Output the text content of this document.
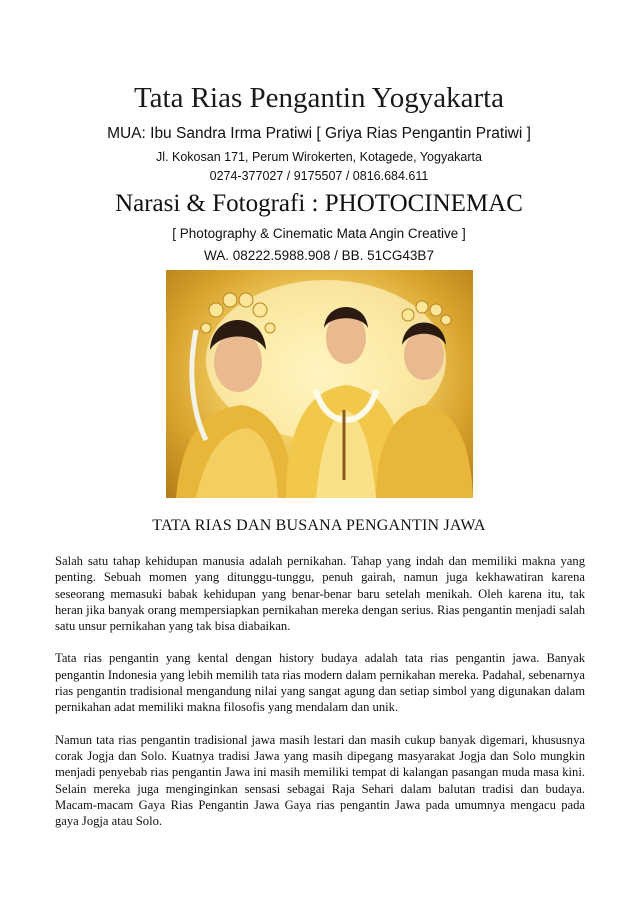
Tata Rias Pengantin Yogyakarta
MUA: Ibu Sandra Irma Pratiwi [ Griya Rias Pengantin Pratiwi ]
Jl. Kokosan 171, Perum Wirokerten, Kotagede, Yogyakarta
0274-377027 / 9175507 / 0816.684.611
Narasi & Fotografi : PHOTOCINEMAC
[ Photography & Cinematic Mata Angin Creative ]
WA. 08222.5988.908 / BB. 51CG43B7
TATA RIAS DAN BUSANA PENGANTIN JAWA

Salah satu tahap kehidupan manusia adalah pernikahan. Tahap yang indah dan memiliki makna yang penting. Sebuah momen yang ditunggu-tunggu, penuh gairah, namun juga kekhawatiran karena seseorang memasuki babak kehidupan yang benar-benar baru setelah menikah. Oleh karena itu, tak heran jika banyak orang mempersiapkan pernikahan mereka dengan serius. Rias pengantin menjadi salah satu unsur pernikahan yang tak bisa diabaikan.

Tata rias pengantin yang kental dengan history budaya adalah tata rias pengantin jawa. Banyak pengantin Indonesia yang lebih memilih tata rias modern dalam pernikahan mereka. Padahal, sebenarnya rias pengantin tradisional mengandung nilai yang sangat agung dan setiap simbol yang digunakan dalam pernikahan adat memiliki makna filosofis yang mendalam dan unik.

Namun tata rias pengantin tradisional jawa masih lestari dan masih cukup banyak digemari, khususnya corak Jogja dan Solo. Kuatnya tradisi Jawa yang masih dipegang masyarakat Jogja dan Solo mungkin menjadi penyebab rias pengantin Jawa ini masih memiliki tempat di kalangan pasangan muda masa kini. Selain mereka juga menginginkan sensasi sebagai Raja Sehari dalam balutan tradisi dan budaya. Macam-macam Gaya Rias Pengantin Jawa Gaya rias pengantin Jawa pada umumnya mengacu pada gaya Jogja atau Solo.
